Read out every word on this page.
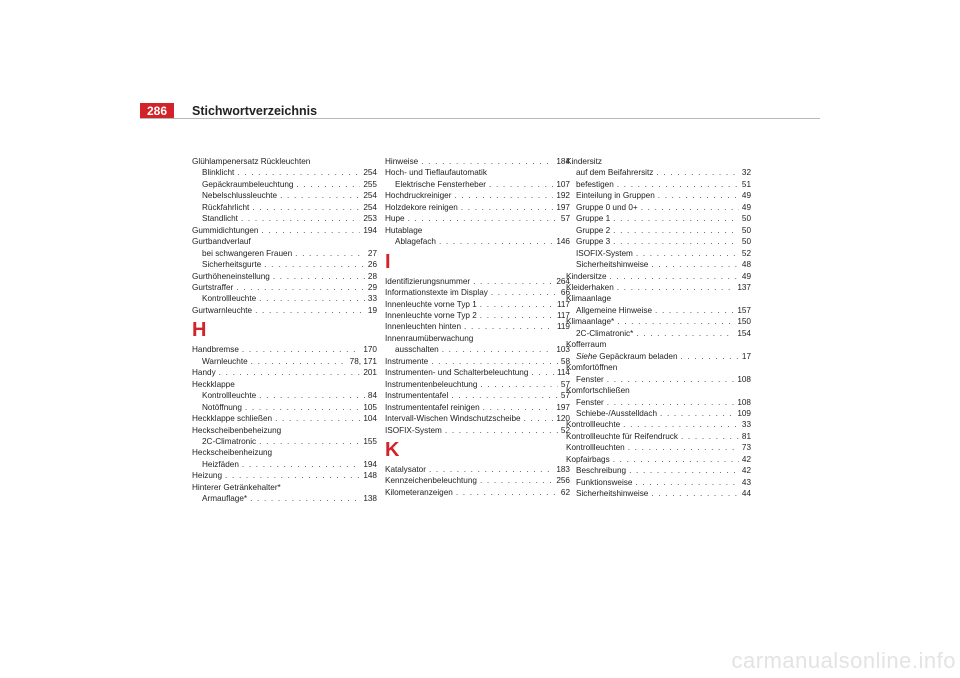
286	Stichwortverzeichnis
Glühlampenersatz Rückleuchten
Blinklicht . . .	254
Gepäckraumbeleuchtung . . .	255
Nebelschlussleuchte . . .	254
Rückfahrlicht . . .	254
Standlicht . . .	253
Gummidichtungen . . .	194
Gurtbandverlauf
bei schwangeren Frauen . . .	27
Sicherheitsgurte . . .	26
Gurthöheneinstellung . . .	28
Gurtstraffer . . .	29
Kontrollleuchte . . .	33
Gurtwarnleuchte . . .	19
H
Handbremse . . .	170
Warnleuchte . . .	78, 171
Handy . . .	201
Heckklappe
Kontrollleuchte . . .	84
Notöffnung . . .	105
Heckklappe schließen . . .	104
Heckscheibenbeheizung
2C-Climatronic . . .	155
Heckscheibenheizung
Heizfäden . . .	194
Heizung . . .	148
Hinterer Getränkehalter*
Armauflage* . . .	138
Hinweise . . .	184
Hoch- und Tieflaufautomatik
Elektrische Fensterheber . . .	107
Hochdruckreiniger . . .	192
Holzdekore reinigen . . .	197
Hupe . . .	57
Hutablage
Ablagefach . . .	146
I
Identifizierungsnummer . . .	264
Informationstexte im Display . . .	66
Innenleuchte vorne Typ 1 . . .	117
Innenleuchte vorne Typ 2 . . .	117
Innenleuchten hinten . . .	119
Innenraumüberwachung
ausschalten . . .	103
Instrumente . . .	58
Instrumenten- und Schalterbeleuchtung . . .	114
Instrumentenbeleuchtung . . .	57
Instrumententafel . . .	57
Instrumententafel reinigen . . .	197
Intervall-Wischen Windschutzscheibe . . .	120
ISOFIX-System . . .	52
K
Katalysator . . .	183
Kennzeichenbeleuchtung . . .	256
Kilometeranzeigen . . .	62
Kindersitz
auf dem Beifahrersitz . . .	32
befestigen . . .	51
Einteilung in Gruppen . . .	49
Gruppe 0 und 0+ . . .	49
Gruppe 1 . . .	50
Gruppe 2 . . .	50
Gruppe 3 . . .	50
ISOFIX-System . . .	52
Sicherheitshinweise . . .	48
Kindersitze . . .	49
Kleiderhaken . . .	137
Klimaanlage
Allgemeine Hinweise . . .	157
Klimaanlage* . . .	150
2C-Climatronic* . . .	154
Kofferraum
Siehe Gepäckraum beladen . . .	17
Komfortöffnen
Fenster . . .	108
Komfortschließen
Fenster . . .	108
Schiebe-/Ausstelldach . . .	109
Kontrollleuchte . . .	33
Kontrollleuchte für Reifendruck . . .	81
Kontrollleuchten . . .	73
Kopfairbags . . .	42
Beschreibung . . .	42
Funktionsweise . . .	43
Sicherheitshinweise . . .	44
carmanualsonline.info
